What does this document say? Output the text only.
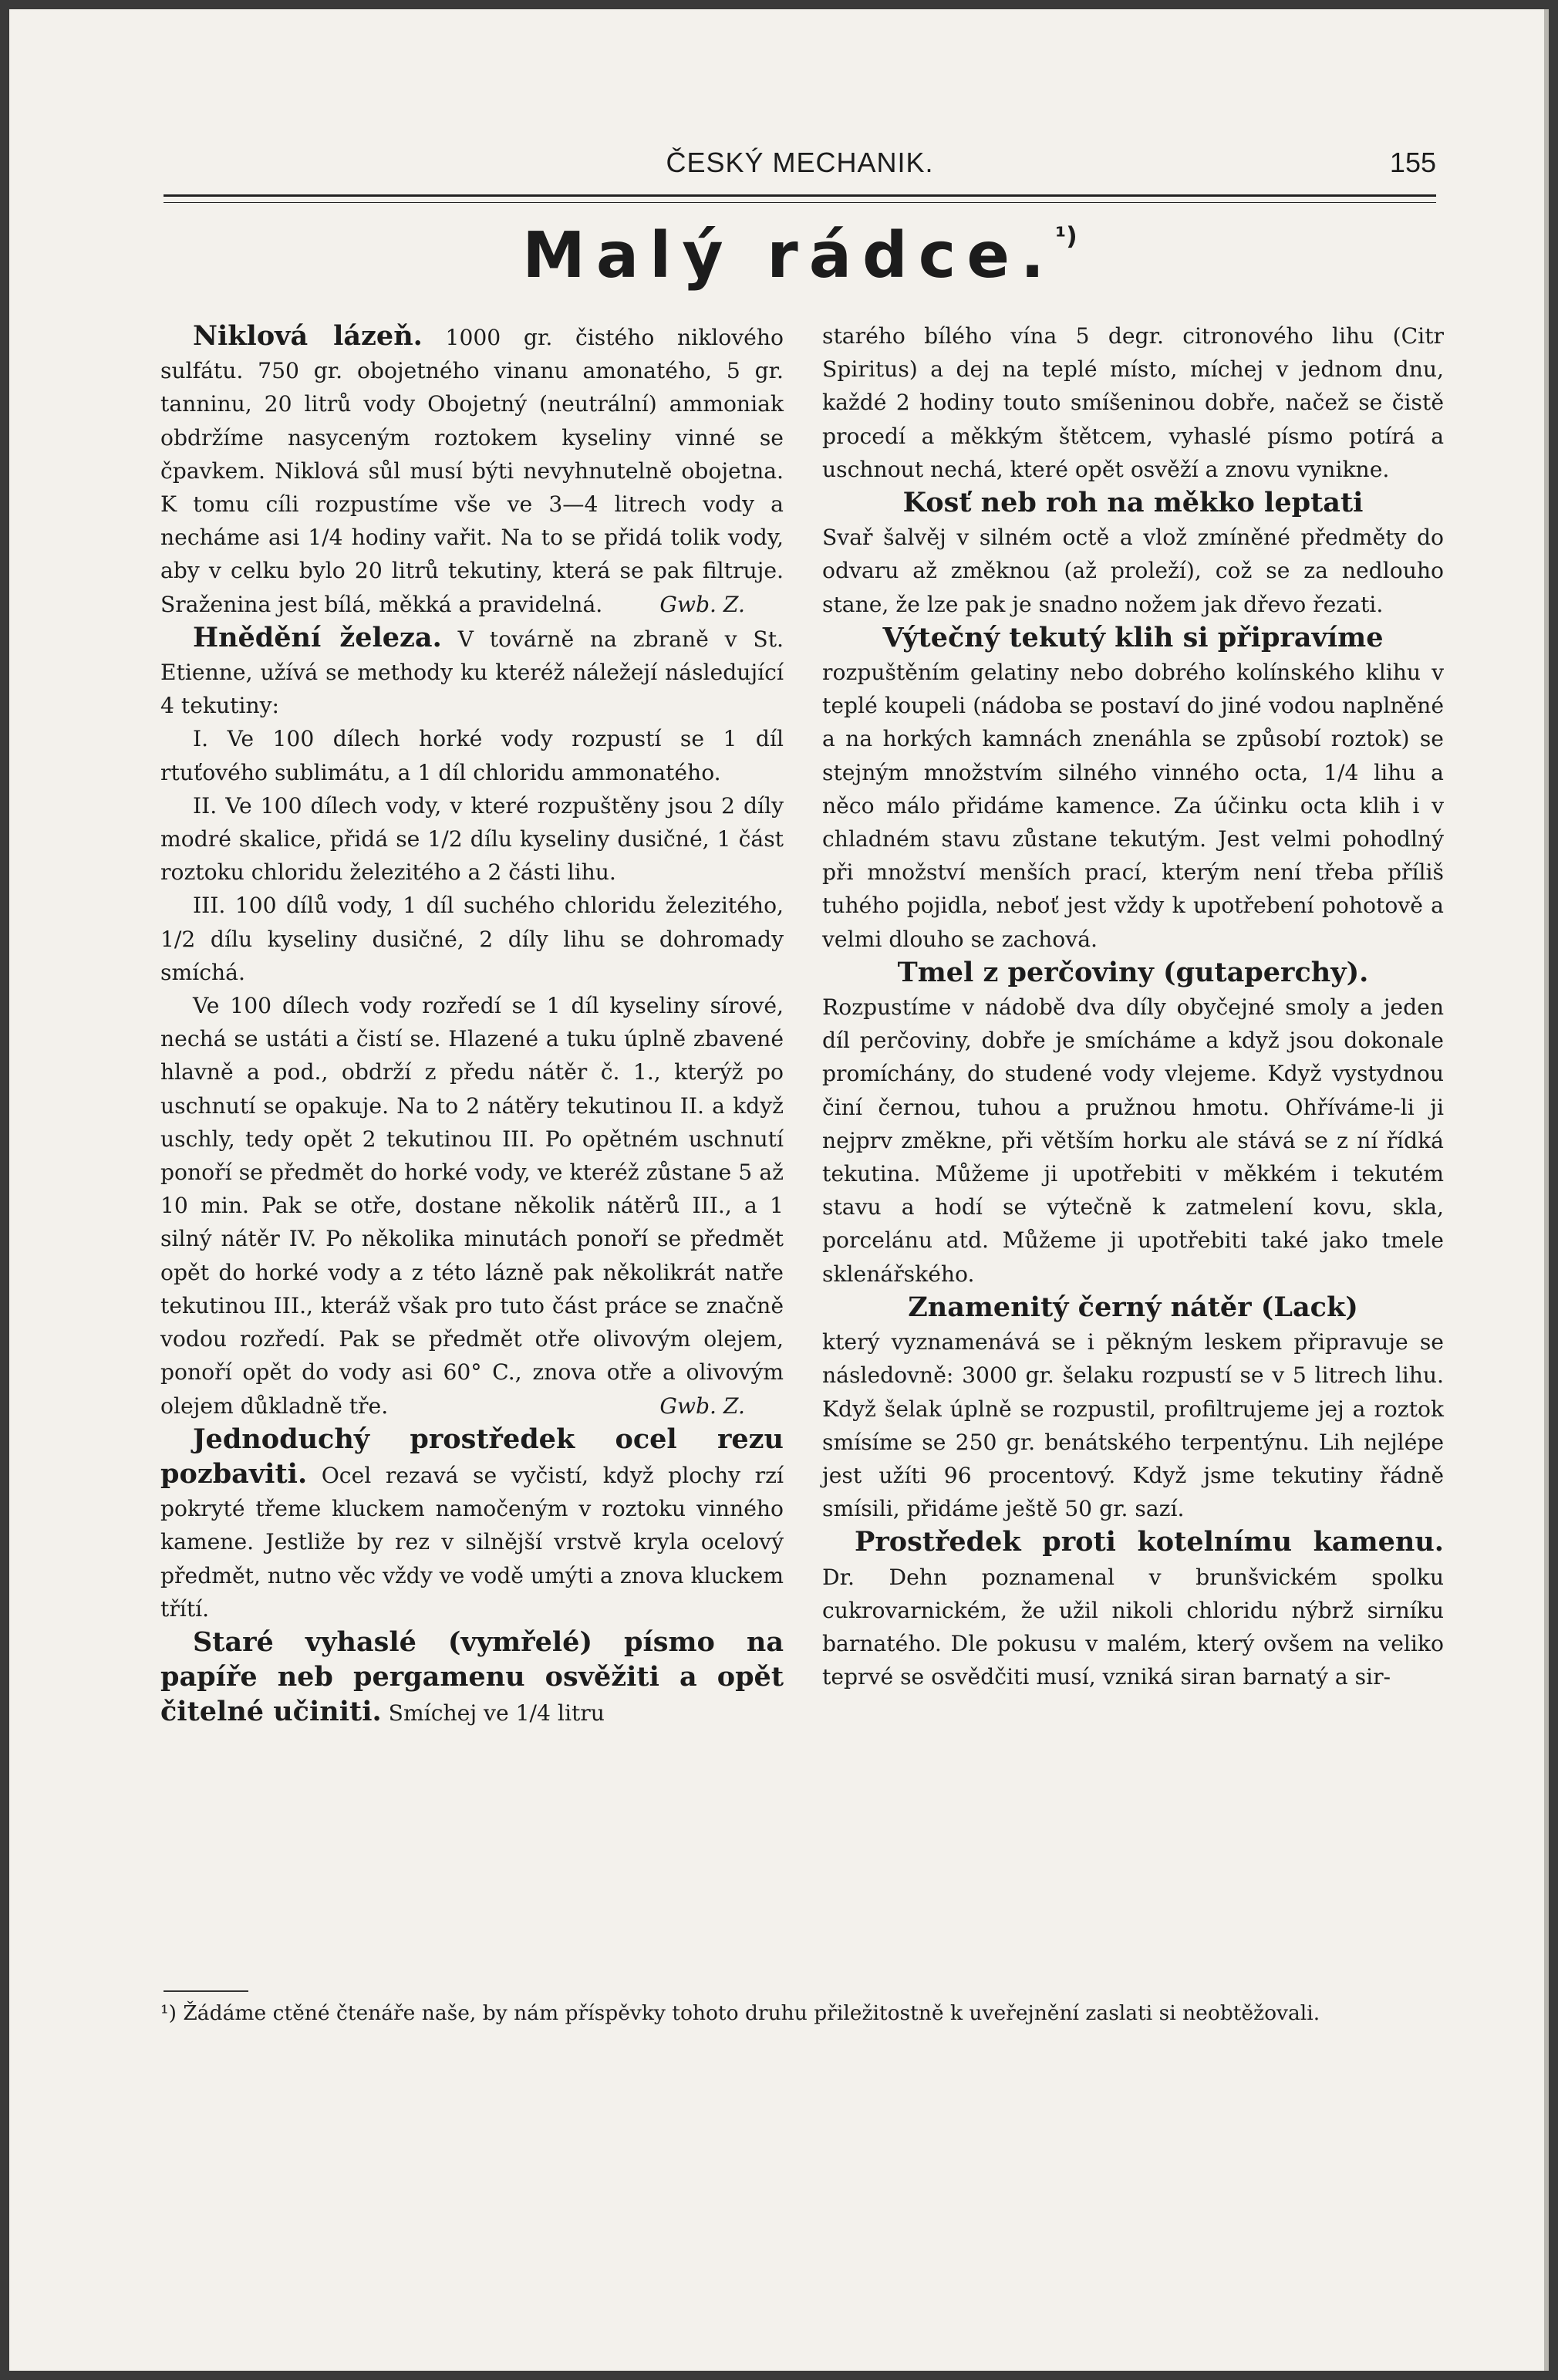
ČESKÝ MECHANIK.	155
Malý rádce.$^{^1)}$

Niklová lázeň. 1000 gr. čistého niklového sulfátu. 750 gr. obojetného vinanu amonatého, 5 gr. tanninu, 20 litrů vody Obojetný (neutrální) ammoniak obdržíme nasyceným roztokem kyseliny vinné se čpavkem. Niklová sůl musí býti nevyhnutelně obojetna. K tomu cíli rozpustíme vše ve 3—4 litrech vody a necháme asi 1/4 hodiny vařit. Na to se přidá tolik vody, aby v celku bylo 20 litrů tekutiny, která se pak filtruje. Sraženina jest bílá, měkká a pravidelná.	Gwb. Z.

Hnědění železa. V továrně na zbraně v St. Etienne, užívá se methody ku kteréž náležejí následující 4 tekutiny:

I. Ve 100 dílech horké vody rozpustí se 1 díl rtuťového sublimátu, a 1 díl chloridu ammonatého.

II. Ve 100 dílech vody, v které rozpuštěny jsou 2 díly modré skalice, přidá se 1/2 dílu kyseliny dusičné, 1 část roztoku chloridu železitého a 2 části lihu.

III. 100 dílů vody, 1 díl suchého chloridu železitého, 1/2 dílu kyseliny dusičné, 2 díly lihu se dohromady smíchá.

Ve 100 dílech vody rozředí se 1 díl kyseliny sírové, nechá se ustáti a čistí se. Hlazené a tuku úplně zbavené hlavně a pod., obdrží z předu nátěr č. 1., kterýž po uschnutí se opakuje. Na to 2 nátěry tekutinou II. a když uschly, tedy opět 2 tekutinou III. Po opětném uschnutí ponoří se předmět do horké vody, ve kteréž zůstane 5 až 10 min. Pak se otře, dostane několik nátěrů III., a 1 silný nátěr IV. Po několika minutách ponoří se předmět opět do horké vody a z této lázně pak několikrát natře tekutinou III., kteráž však pro tuto část práce se značně vodou rozředí. Pak se předmět otře olivovým olejem, ponoří opět do vody asi 60° C., znova otře a olivovým olejem důkladně tře.	Gwb. Z.

Jednoduchý prostředek ocel rezu pozbaviti. Ocel rezavá se vyčistí, když plochy rzí pokryté třeme kluckem namočeným v roztoku vinného kamene. Jestliže by rez v silnější vrstvě kryla ocelový předmět, nutno věc vždy ve vodě umýti a znova kluckem třítí.

Staré vyhaslé (vymřelé) písmo na papíře neb pergamenu osvěžiti a opět čitelné učiniti. Smíchej ve 1/4 litru

starého bílého vína 5 degr. citronového lihu (Citr Spiritus) a dej na teplé místo, míchej v jednom dnu, každé 2 hodiny touto smíšeninou dobře, načež se čistě procedí a měkkým štětcem, vyhaslé písmo potírá a uschnout nechá, které opět osvěží a znovu vynikne.

Kosť neb roh na měkko leptati

Svař šalvěj v silném octě a vlož zmíněné předměty do odvaru až změknou (až proleží), což se za nedlouho stane, že lze pak je snadno nožem jak dřevo řezati.

Výtečný tekutý klih si připravíme

rozpuštěním gelatiny nebo dobrého kolínského klihu v teplé koupeli (nádoba se postaví do jiné vodou naplněné a na horkých kamnách znenáhla se způsobí roztok) se stejným množstvím silného vinného octa, 1/4 lihu a něco málo přidáme kamence. Za účinku octa klih i v chladném stavu zůstane tekutým. Jest velmi pohodlný při množství menších prací, kterým není třeba příliš tuhého pojidla, neboť jest vždy k upotřebení pohotově a velmi dlouho se zachová.

Tmel z perčoviny (gutaperchy).

Rozpustíme v nádobě dva díly obyčejné smoly a jeden díl perčoviny, dobře je smícháme a když jsou dokonale promíchány, do studené vody vlejeme. Když vystydnou činí černou, tuhou a pružnou hmotu. Ohříváme-li ji nejprv změkne, při větším horku ale stává se z ní řídká tekutina. Můžeme ji upotřebiti v měkkém i tekutém stavu a hodí se výtečně k zatmelení kovu, skla, porcelánu atd. Můžeme ji upotřebiti také jako tmele sklenářského.

Znamenitý černý nátěr (Lack)

který vyznamenává se i pěkným leskem připravuje se následovně: 3000 gr. šelaku rozpustí se v 5 litrech lihu. Když šelak úplně se rozpustil, profiltrujeme jej a roztok smísíme se 250 gr. benátského terpentýnu. Lih nejlépe jest užíti 96 procentový. Když jsme tekutiny řádně smísili, přidáme ještě 50 gr. sazí.

Prostředek proti kotelnímu kamenu. Dr. Dehn poznamenal v brunšvickém spolku cukrovarnickém, že užil nikoli chloridu nýbrž sirníku barnatého. Dle pokusu v malém, který ovšem na veliko teprvé se osvědčiti musí, vzniká siran barnatý a sir-

¹) Žádáme ctěné čtenáře naše, by nám příspěvky tohoto druhu přiležitostně k uveřejnění zaslati si neobtěžovali.
